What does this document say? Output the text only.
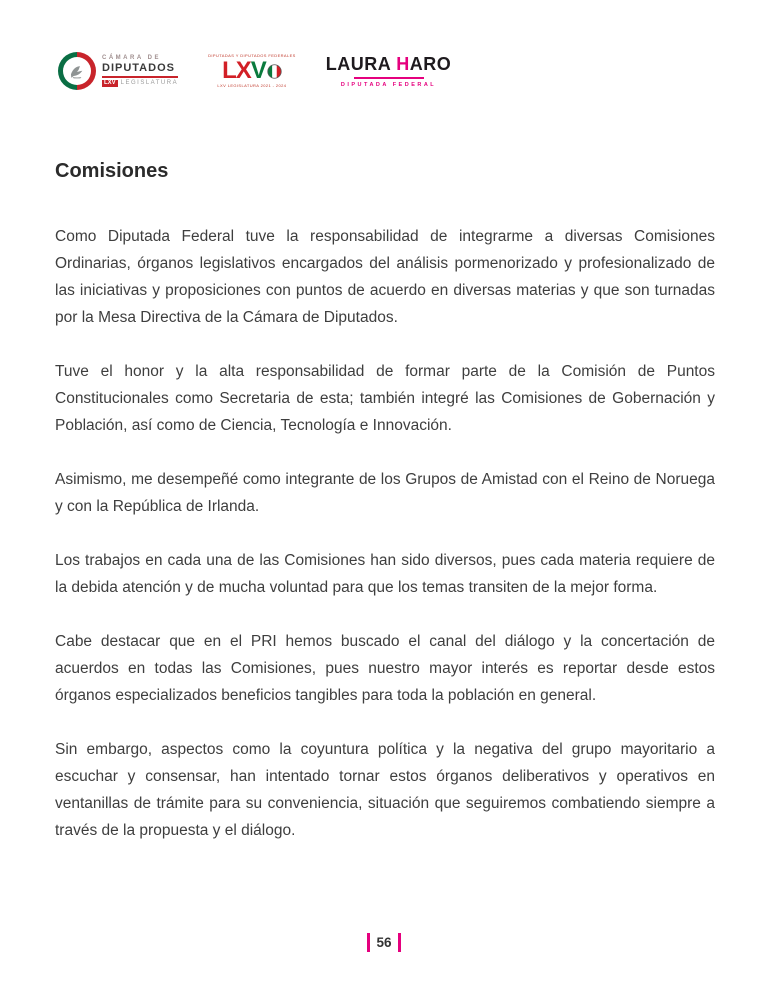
CÁMARA DE
DIPUTADOS
LXV LEGISLATURA
DIPUTADAS Y DIPUTADOS FEDERALES
L X V
LXV LEGISLATURA 2021 - 2024
LAURA HARO
DIPUTADA FEDERAL
Comisiones

Como Diputada Federal tuve la responsabilidad de integrarme a diversas Comisiones Ordinarias, órganos legislativos encargados del análisis pormenorizado y profesionalizado de las iniciativas y proposiciones con puntos de acuerdo en diversas materias y que son turnadas por la Mesa Directiva de la Cámara de Diputados.

Tuve el honor y la alta responsabilidad de formar parte de la Comisión de Puntos Constitucionales como Secretaria de esta; también integré las Comisiones de Gobernación y Población, así como de Ciencia, Tecnología e Innovación.

Asimismo, me desempeñé como integrante de los Grupos de Amistad con el Reino de Noruega y con la República de Irlanda.

Los trabajos en cada una de las Comisiones han sido diversos, pues cada materia requiere de la debida atención y de mucha voluntad para que los temas transiten de la mejor forma.

Cabe destacar que en el PRI hemos buscado el canal del diálogo y la concertación de acuerdos en todas las Comisiones, pues nuestro mayor interés es reportar desde estos órganos especializados beneficios tangibles para toda la población en general.

Sin embargo, aspectos como la coyuntura política y la negativa del grupo mayoritario a escuchar y consensar, han intentado tornar estos órganos deliberativos y operativos en ventanillas de trámite para su conveniencia, situación que seguiremos combatiendo siempre a través de la propuesta y el diálogo.

56
